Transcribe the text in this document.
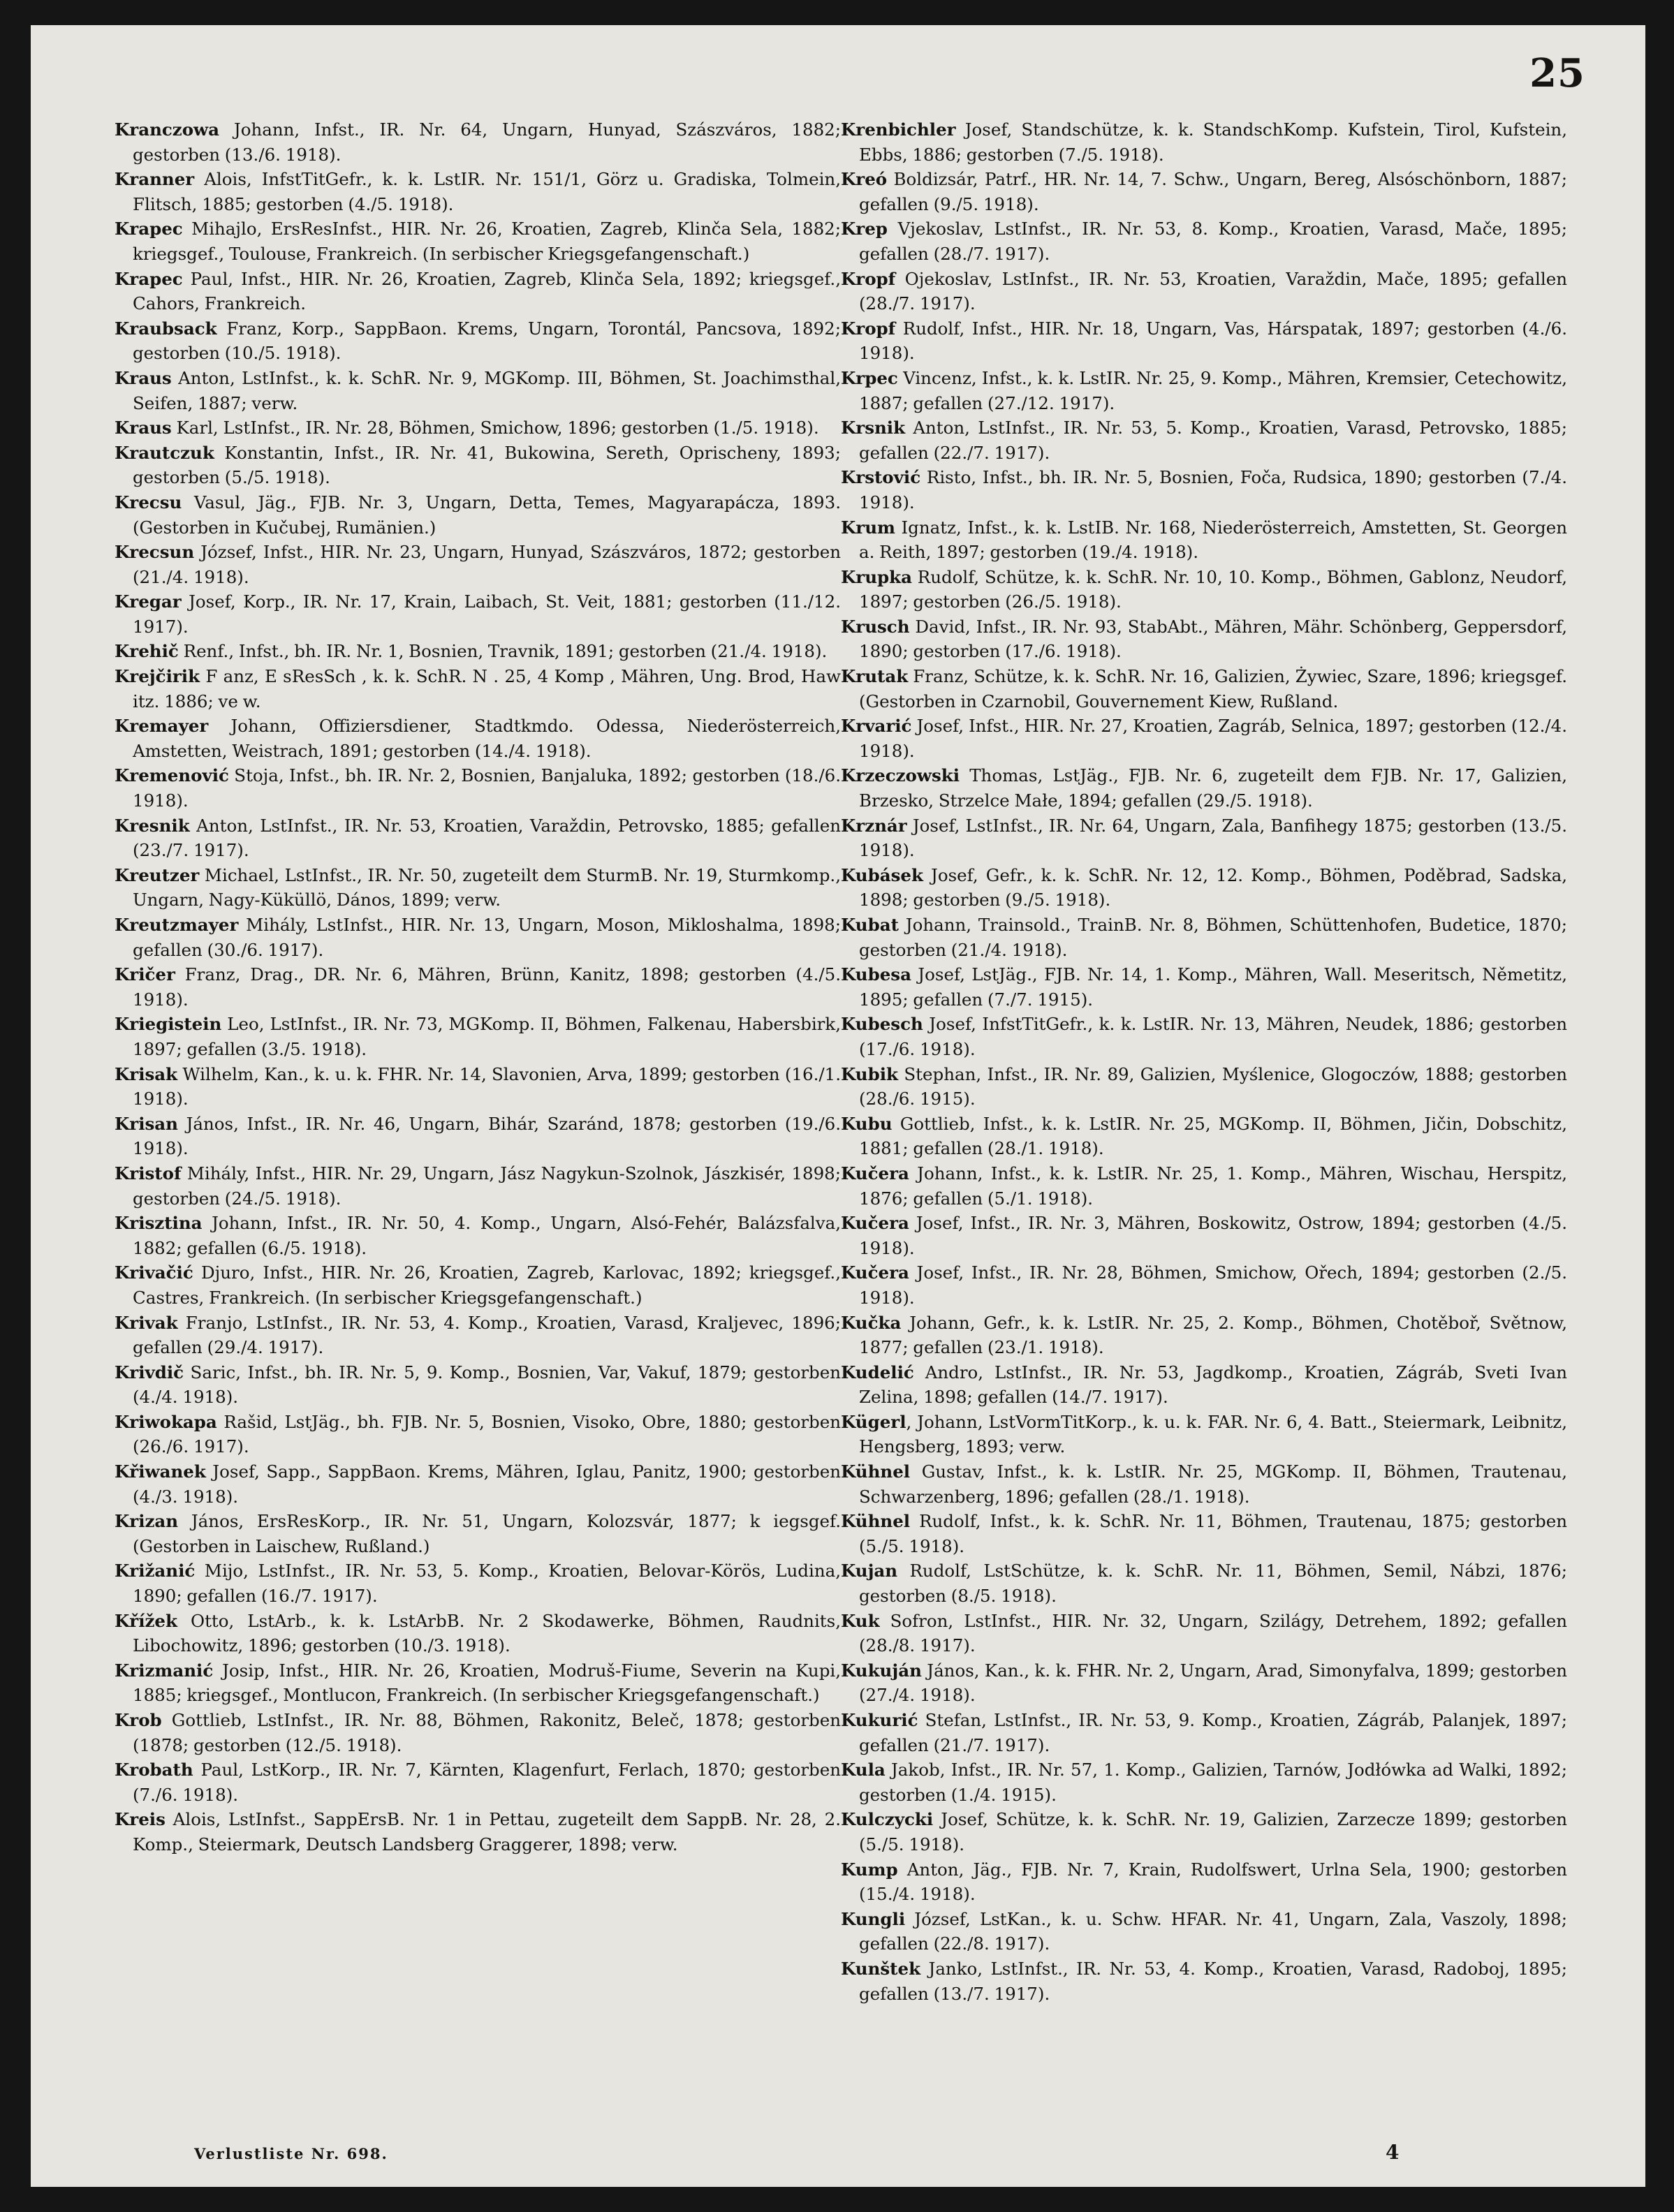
25

Kranczowa Johann, Infst., IR. Nr. 64, Ungarn, Hunyad, Szászváros, 1882; gestorben (13./6. 1918).

Kranner Alois, InfstTitGefr., k. k. LstIR. Nr. 151/1, Görz u. Gradiska, Tolmein, Flitsch, 1885; gestorben (4./5. 1918).

Krapec Mihajlo, ErsResInfst., HIR. Nr. 26, Kroatien, Zagreb, Klinča Sela, 1882; kriegsgef., Toulouse, Frankreich. (In serbischer Kriegsgefangenschaft.)

Krapec Paul, Infst., HIR. Nr. 26, Kroatien, Zagreb, Klinča Sela, 1892; kriegsgef., Cahors, Frankreich.

Kraubsack Franz, Korp., SappBaon. Krems, Ungarn, Torontál, Pancsova, 1892; gestorben (10./5. 1918).

Kraus Anton, LstInfst., k. k. SchR. Nr. 9, MGKomp. III, Böhmen, St. Joachimsthal, Seifen, 1887; verw.

Kraus Karl, LstInfst., IR. Nr. 28, Böhmen, Smichow, 1896; gestorben (1./5. 1918).

Krautczuk Konstantin, Infst., IR. Nr. 41, Bukowina, Sereth, Oprischeny, 1893; gestorben (5./5. 1918).

Krecsu Vasul, Jäg., FJB. Nr. 3, Ungarn, Detta, Temes, Magyarapácza, 1893. (Gestorben in Kučubej, Rumänien.)

Krecsun József, Infst., HIR. Nr. 23, Ungarn, Hunyad, Szászváros, 1872; gestorben (21./4. 1918).

Kregar Josef, Korp., IR. Nr. 17, Krain, Laibach, St. Veit, 1881; gestorben (11./12. 1917).

Krehič Renf., Infst., bh. IR. Nr. 1, Bosnien, Travnik, 1891; gestorben (21./4. 1918).

Krejčirik F anz, E sResSch , k. k. SchR. N . 25, 4 Komp , Mähren, Ung. Brod, Haw itz. 1886; ve w.

Kremayer Johann, Offiziersdiener, Stadtkmdo. Odessa, Niederösterreich, Amstetten, Weistrach, 1891; gestorben (14./4. 1918).

Kremenović Stoja, Infst., bh. IR. Nr. 2, Bosnien, Banjaluka, 1892; gestorben (18./6. 1918).

Kresnik Anton, LstInfst., IR. Nr. 53, Kroatien, Varaždin, Petrovsko, 1885; gefallen (23./7. 1917).

Kreutzer Michael, LstInfst., IR. Nr. 50, zugeteilt dem SturmB. Nr. 19, Sturmkomp., Ungarn, Nagy-Küküllö, Dános, 1899; verw.

Kreutzmayer Mihály, LstInfst., HIR. Nr. 13, Ungarn, Moson, Mikloshalma, 1898; gefallen (30./6. 1917).

Kričer Franz, Drag., DR. Nr. 6, Mähren, Brünn, Kanitz, 1898; gestorben (4./5. 1918).

Kriegistein Leo, LstInfst., IR. Nr. 73, MGKomp. II, Böhmen, Falkenau, Habersbirk, 1897; gefallen (3./5. 1918).

Krisak Wilhelm, Kan., k. u. k. FHR. Nr. 14, Slavonien, Arva, 1899; gestorben (16./1. 1918).

Krisan János, Infst., IR. Nr. 46, Ungarn, Bihár, Szaránd, 1878; gestorben (19./6. 1918).

Kristof Mihály, Infst., HIR. Nr. 29, Ungarn, Jász Nagykun-Szolnok, Jászkisér, 1898; gestorben (24./5. 1918).

Krisztina Johann, Infst., IR. Nr. 50, 4. Komp., Ungarn, Alsó-Fehér, Balázsfalva, 1882; gefallen (6./5. 1918).

Krivačić Djuro, Infst., HIR. Nr. 26, Kroatien, Zagreb, Karlovac, 1892; kriegsgef., Castres, Frankreich. (In serbischer Kriegsgefangenschaft.)

Krivak Franjo, LstInfst., IR. Nr. 53, 4. Komp., Kroatien, Varasd, Kraljevec, 1896; gefallen (29./4. 1917).

Krivdič Saric, Infst., bh. IR. Nr. 5, 9. Komp., Bosnien, Var, Vakuf, 1879; gestorben (4./4. 1918).

Kriwokapa Rašid, LstJäg., bh. FJB. Nr. 5, Bosnien, Visoko, Obre, 1880; gestorben (26./6. 1917).

Křiwanek Josef, Sapp., SappBaon. Krems, Mähren, Iglau, Panitz, 1900; gestorben (4./3. 1918).

Krizan János, ErsResKorp., IR. Nr. 51, Ungarn, Kolozsvár, 1877; k iegsgef. (Gestorben in Laischew, Rußland.)

Križanić Mijo, LstInfst., IR. Nr. 53, 5. Komp., Kroatien, Belovar-Körös, Ludina, 1890; gefallen (16./7. 1917).

Křížek Otto, LstArb., k. k. LstArbB. Nr. 2 Skodawerke, Böhmen, Raudnits, Libochowitz, 1896; gestorben (10./3. 1918).

Krizmanić Josip, Infst., HIR. Nr. 26, Kroatien, Modruš-Fiume, Severin na Kupi, 1885; kriegsgef., Montlucon, Frankreich. (In serbischer Kriegsgefangenschaft.)

Krob Gottlieb, LstInfst., IR. Nr. 88, Böhmen, Rakonitz, Beleč, 1878; gestorben (1878; gestorben (12./5. 1918).

Krobath Paul, LstKorp., IR. Nr. 7, Kärnten, Klagenfurt, Ferlach, 1870; gestorben (7./6. 1918).

Kreis Alois, LstInfst., SappErsB. Nr. 1 in Pettau, zugeteilt dem SappB. Nr. 28, 2. Komp., Steiermark, Deutsch Landsberg Graggerer, 1898; verw.

Krenbichler Josef, Standschütze, k. k. StandschKomp. Kufstein, Tirol, Kufstein, Ebbs, 1886; gestorben (7./5. 1918).

Kreó Boldizsár, Patrf., HR. Nr. 14, 7. Schw., Ungarn, Bereg, Alsóschönborn, 1887; gefallen (9./5. 1918).

Krep Vjekoslav, LstInfst., IR. Nr. 53, 8. Komp., Kroatien, Varasd, Mače, 1895; gefallen (28./7. 1917).

Kropf Ojekoslav, LstInfst., IR. Nr. 53, Kroatien, Varaždin, Mače, 1895; gefallen (28./7. 1917).

Kropf Rudolf, Infst., HIR. Nr. 18, Ungarn, Vas, Hárspatak, 1897; gestorben (4./6. 1918).

Krpec Vincenz, Infst., k. k. LstIR. Nr. 25, 9. Komp., Mähren, Kremsier, Cetechowitz, 1887; gefallen (27./12. 1917).

Krsnik Anton, LstInfst., IR. Nr. 53, 5. Komp., Kroatien, Varasd, Petrovsko, 1885; gefallen (22./7. 1917).

Krstović Risto, Infst., bh. IR. Nr. 5, Bosnien, Foča, Rudsica, 1890; gestorben (7./4. 1918).

Krum Ignatz, Infst., k. k. LstIB. Nr. 168, Niederösterreich, Amstetten, St. Georgen a. Reith, 1897; gestorben (19./4. 1918).

Krupka Rudolf, Schütze, k. k. SchR. Nr. 10, 10. Komp., Böhmen, Gablonz, Neudorf, 1897; gestorben (26./5. 1918).

Krusch David, Infst., IR. Nr. 93, StabAbt., Mähren, Mähr. Schönberg, Geppersdorf, 1890; gestorben (17./6. 1918).

Krutak Franz, Schütze, k. k. SchR. Nr. 16, Galizien, Żywiec, Szare, 1896; kriegsgef. (Gestorben in Czarnobil, Gouvernement Kiew, Rußland.

Krvarić Josef, Infst., HIR. Nr. 27, Kroatien, Zagráb, Selnica, 1897; gestorben (12./4. 1918).

Krzeczowski Thomas, LstJäg., FJB. Nr. 6, zugeteilt dem FJB. Nr. 17, Galizien, Brzesko, Strzelce Małe, 1894; gefallen (29./5. 1918).

Krznár Josef, LstInfst., IR. Nr. 64, Ungarn, Zala, Banfihegy 1875; gestorben (13./5. 1918).

Kubásek Josef, Gefr., k. k. SchR. Nr. 12, 12. Komp., Böhmen, Poděbrad, Sadska, 1898; gestorben (9./5. 1918).

Kubat Johann, Trainsold., TrainB. Nr. 8, Böhmen, Schüttenhofen, Budetice, 1870; gestorben (21./4. 1918).

Kubesa Josef, LstJäg., FJB. Nr. 14, 1. Komp., Mähren, Wall. Meseritsch, Němetitz, 1895; gefallen (7./7. 1915).

Kubesch Josef, InfstTitGefr., k. k. LstIR. Nr. 13, Mähren, Neudek, 1886; gestorben (17./6. 1918).

Kubik Stephan, Infst., IR. Nr. 89, Galizien, Myślenice, Glogoczów, 1888; gestorben (28./6. 1915).

Kubu Gottlieb, Infst., k. k. LstIR. Nr. 25, MGKomp. II, Böhmen, Jičin, Dobschitz, 1881; gefallen (28./1. 1918).

Kučera Johann, Infst., k. k. LstIR. Nr. 25, 1. Komp., Mähren, Wischau, Herspitz, 1876; gefallen (5./1. 1918).

Kučera Josef, Infst., IR. Nr. 3, Mähren, Boskowitz, Ostrow, 1894; gestorben (4./5. 1918).

Kučera Josef, Infst., IR. Nr. 28, Böhmen, Smichow, Ořech, 1894; gestorben (2./5. 1918).

Kučka Johann, Gefr., k. k. LstIR. Nr. 25, 2. Komp., Böhmen, Chotěboř, Světnow, 1877; gefallen (23./1. 1918).

Kudelić Andro, LstInfst., IR. Nr. 53, Jagdkomp., Kroatien, Zágráb, Sveti Ivan Zelina, 1898; gefallen (14./7. 1917).

Kügerl, Johann, LstVormTitKorp., k. u. k. FAR. Nr. 6, 4. Batt., Steiermark, Leibnitz, Hengsberg, 1893; verw.

Kühnel Gustav, Infst., k. k. LstIR. Nr. 25, MGKomp. II, Böhmen, Trautenau, Schwarzenberg, 1896; gefallen (28./1. 1918).

Kühnel Rudolf, Infst., k. k. SchR. Nr. 11, Böhmen, Trautenau, 1875; gestorben (5./5. 1918).

Kujan Rudolf, LstSchütze, k. k. SchR. Nr. 11, Böhmen, Semil, Nábzi, 1876; gestorben (8./5. 1918).

Kuk Sofron, LstInfst., HIR. Nr. 32, Ungarn, Szilágy, Detrehem, 1892; gefallen (28./8. 1917).

Kukuján János, Kan., k. k. FHR. Nr. 2, Ungarn, Arad, Simonyfalva, 1899; gestorben (27./4. 1918).

Kukurić Stefan, LstInfst., IR. Nr. 53, 9. Komp., Kroatien, Zágráb, Palanjek, 1897; gefallen (21./7. 1917).

Kula Jakob, Infst., IR. Nr. 57, 1. Komp., Galizien, Tarnów, Jodłówka ad Walki, 1892; gestorben (1./4. 1915).

Kulczycki Josef, Schütze, k. k. SchR. Nr. 19, Galizien, Zarzecze 1899; gestorben (5./5. 1918).

Kump Anton, Jäg., FJB. Nr. 7, Krain, Rudolfswert, Urlna Sela, 1900; gestorben (15./4. 1918).

Kungli József, LstKan., k. u. Schw. HFAR. Nr. 41, Ungarn, Zala, Vaszoly, 1898; gefallen (22./8. 1917).

Kunštek Janko, LstInfst., IR. Nr. 53, 4. Komp., Kroatien, Varasd, Radoboj, 1895; gefallen (13./7. 1917).

Verlustliste Nr. 698.	4
